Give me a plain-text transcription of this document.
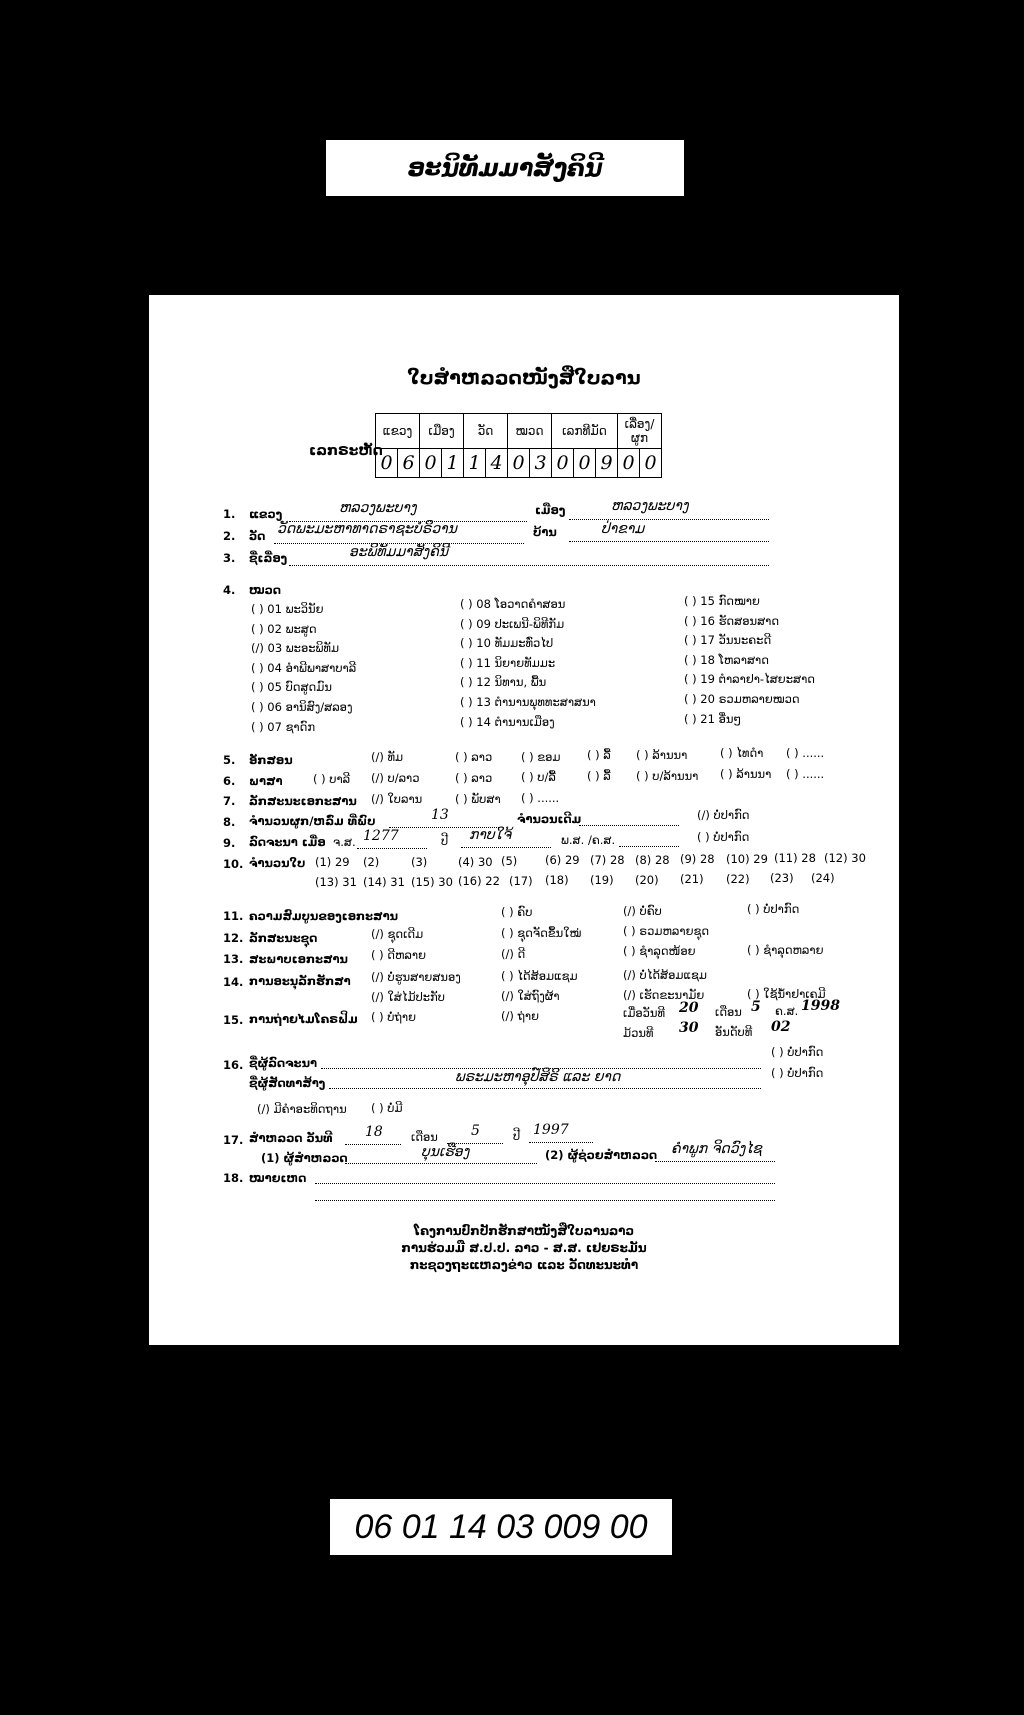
ອະນິທັມມາສັງຄິນີ
ໃບສຳຫລວດໜັງສືໃບລານ
ເລກຣະຫັດ
ແຂວງ		ເມືອງ		ວັດ		ໝວດ		ເລກທີມັດ			ເລື່ອງ/ຜູກ	
0	6	0	1	1	4	0	3	0	0	9	0	0
1. ແຂວງ	ຫລວງພະບາງ	ເມືອງ	ຫລວງພະບາງ
2. ວັດ ວັດພະມະຫາທາດຣາຊະບໍຣິວານ	ບ້ານ	ປ່າຂາມ
3. ຊື່ເລື່ອງ	ອະພິທັມມາສັງຄິນີ
4. ໝວດ
( ) 01 ພະວິນັຍ
( ) 02 ພະສູດ
(/) 03 ພະອະພິທັມ
( ) 04 ອຳພີພາສາບາລີ
( ) 05 ບົດສູດມົນ
( ) 06 ອານິສົງ/ສລອງ
( ) 07 ຊາດົກ
( ) 08 ໂອວາດຄຳສອນ
( ) 09 ປະເພນີ-ພິທີກັມ
( ) 10 ທັມມະທົ່ວໄປ
( ) 11 ນິຍາຍທັມມະ
( ) 12 ນິທານ, ພື້ນ
( ) 13 ຕຳນານພຸທທະສາສນາ
( ) 14 ຕຳນານເມືອງ
( ) 15 ກົດໝາຍ
( ) 16 ຮັດສອນສາດ
( ) 17 ວັນນະຄະດີ
( ) 18 ໂຫລາສາດ
( ) 19 ຕຳລາຢາ-ໄສຍະສາດ
( ) 20 ຣວມຫລາຍໝວດ
( ) 21 ອື່ນໆ
5. ອັກສອນ	(/) ທັມ	( ) ລາວ	( ) ຂອມ ( ) ລື້ ( ) ລ້ານນາ	( ) ໄທດຳ ( ) ......
6. ພາສາ	( ) ບາລີ (/) ບ/ລາວ	( ) ລາວ	( ) ບ/ລື້	( ) ລື້ ( ) ບ/ລ້ານນາ ( ) ລ້ານນາ ( ) ......
7. ລັກສະນະເອກະສານ (/) ໃບລານ	( ) ພັບສາ ( ) ......
8. ຈຳນວນຜູກ/ຫລົ່ມ ທີ່ພົບ	13	ຈຳນວນເດີມ	(/) ບໍ່ປາກົດ
9. ລົດຈະນາ ເມື່ອ ຈ.ສ. 1277	ປີ ກາບໃຈ້	ພ.ສ. /ຄ.ສ.	( ) ບໍ່ປາກົດ
10. ຈຳນວນໃບ (1) 29 (2)	(3)	(4) 30 (5) (6) 29 (7) 28 (8) 28 (9) 28 (10) 29 (11) 28 (12) 30
(13) 31 (14) 31 (15) 30 (16) 22 (17) (18) (19) (20) (21) (22) (23) (24)
11. ຄວາມສົມບູນຂອງເອກະສານ	( ) ຄົບ	(/) ບໍ່ຄົບ	( ) ບໍ່ປາກົດ
12. ລັກສະນະຊຸດ	(/) ຊຸດເດີມ	( ) ຊຸດຈັດຂຶ້ນໃໝ່	( ) ຣວມຫລາຍຊຸດ
( ) ຊຳລຸດໜ້ອຍ	( ) ຊຳລຸດຫລາຍ
13. ສະພາບເອກະສານ ( ) ດີຫລາຍ	(/) ດີ
14. ການອະນຸລັກຮັກສາ (/) ບໍ່ຮູນສາຍສນອງ	( ) ໄດ້ສ້ອມແຊມ	(/) ບໍ່ໄດ້ສ້ອມແຊມ
(/) ໃສ່ໄມ້ປະກັບ	(/) ໃສ່ຖົງຜ້າ	(/) ເຮັດຂະນາມັຍ	( ) ໃຊ້ນ້ຳຢາເຄມີ
15. ການຖ່າຍໄມໂຄຣຟິມ ( ) ບໍ່ຖ່າຍ	(/) ຖ່າຍ	ເມື່ອວັນທີ 20 ເດືອນ 5 ຄ.ສ. 1998
ມ້ວນທີ 30 ອັນດັບທີ 02
16. ຊື່ຜູ້ລົດຈະນາ
( ) ບໍ່ປາກົດ
ຊື່ຜູ້ສັດທາສ້າງ	ພຣະມະຫາອຸປ໌ສິຣິ ແລະ ຍາດ	( ) ບໍ່ປາກົດ
(/) ມີຄຳອະທິດຖານ ( ) ບໍ່ມີ
17. ສຳຫລວດ ວັນທີ 18 ເດືອນ 5	ປີ 1997
(1) ຜູ້ສຳຫລວດ	ບຸນເຮືອງ	(2) ຜູ້ຊ່ວຍສຳຫລວດ ຄຳພູກ ຈິດວົງໄຊ
18. ໝາຍເຫດ
ໂຄງການປົກປັກຮັກສາໜັງສືໃບລານລາວ
ການຮ່ວມມື ສ.ປ.ປ. ລາວ - ສ.ສ. ເຢຍຣະມັນ
ກະຊວງຖະແຫລງຂ່າວ ແລະ ວັດທະນະທຳ
06 01 14 03 009 00
